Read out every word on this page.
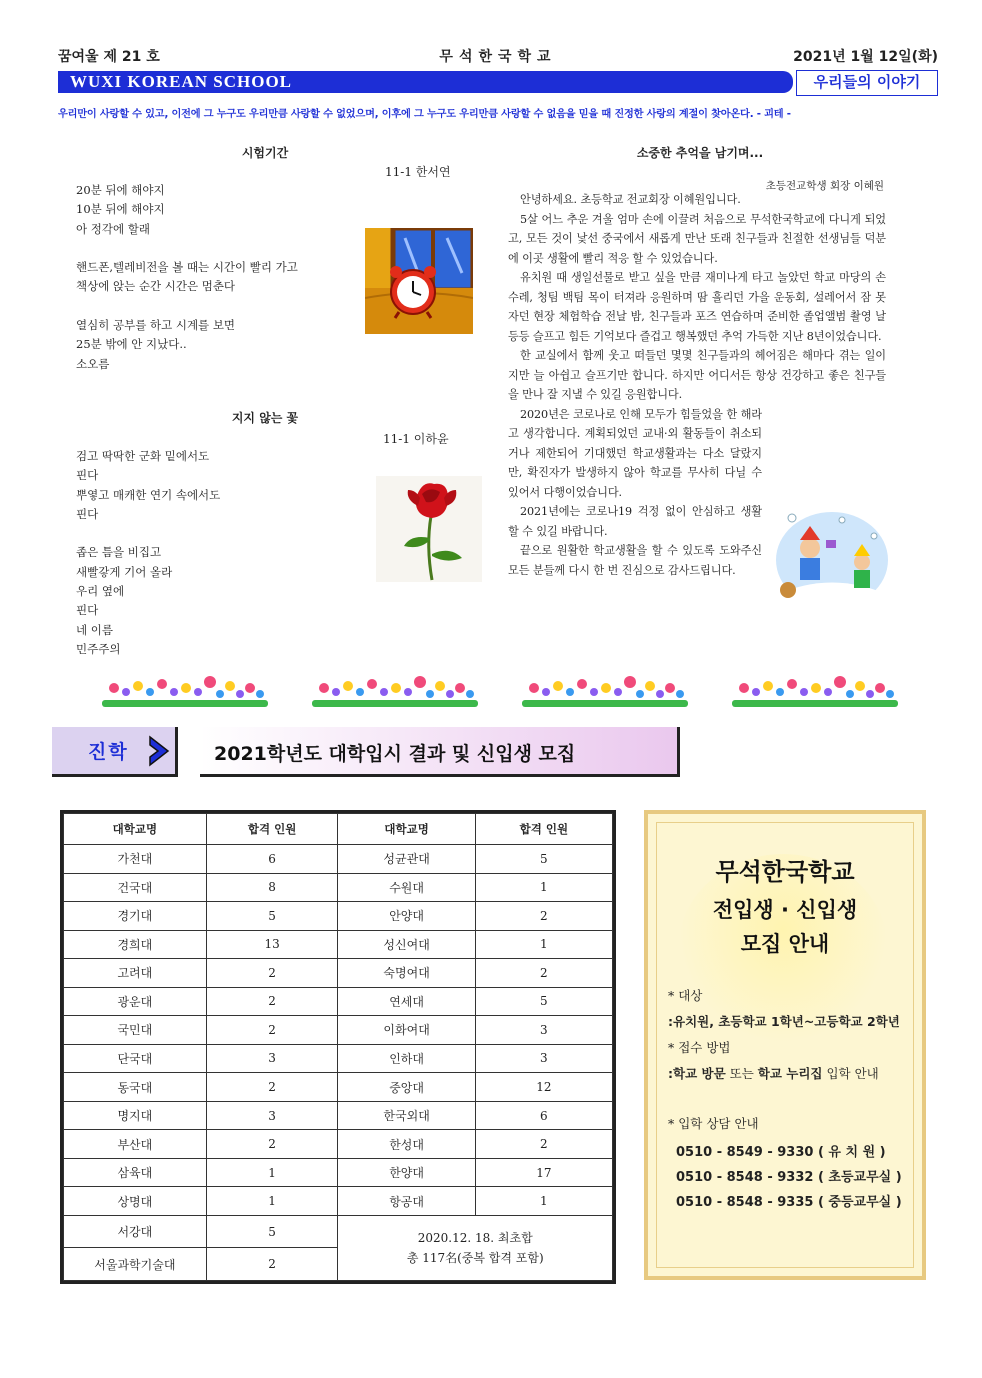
꿈여울 제 21 호	무석한국학교	2021년 1월 12일(화)
WUXI KOREAN SCHOOL	우리들의 이야기
우리만이 사랑할 수 있고, 이전에 그 누구도 우리만큼 사랑할 수 없었으며, 이후에 그 누구도 우리만큼 사랑할 수 없음을 믿을 때 진정한 사랑의 계절이 찾아온다. - 괴테 -
시험기간
11-1 한서연
20분 뒤에 해야지
10분 뒤에 해야지
아 정각에 할래
핸드폰,텔레비전을 볼 때는 시간이 빨리 가고
책상에 앉는 순간 시간은 멈춘다
열심히 공부를 하고 시계를 보면
25분 밖에 안 지났다..
소오름
지지 않는 꽃
11-1 이하윤
검고 딱딱한 군화 밑에서도
핀다
뿌옇고 매캐한 연기 속에서도
핀다
좁은 틈을 비집고
새빨갛게 기어 올라
우리 옆에
핀다
네 이름
민주주의
소중한 추억을 남기며...
초등전교학생 회장 이혜원

안녕하세요. 초등학교 전교회장 이혜원입니다.

5살 어느 추운 겨울 엄마 손에 이끌려 처음으로 무석한국학교에 다니게 되었고, 모든 것이 낯선 중국에서 새롭게 만난 또래 친구들과 친절한 선생님들 덕분에 이곳 생활에 빨리 적응 할 수 있었습니다.

유치원 때 생일선물로 받고 싶을 만큼 재미나게 타고 놀았던 학교 마당의 손수레, 청팀 백팀 목이 터져라 응원하며 땀 흘리던 가을 운동회, 설레어서 잠 못 자던 현장 체험학습 전날 밤, 친구들과 포즈 연습하며 준비한 졸업앨범 촬영 날 등등 슬프고 힘든 기억보다 즐겁고 행복했던 추억 가득한 지난 8년이었습니다.

한 교실에서 함께 웃고 떠들던 몇몇 친구들과의 헤어짐은 해마다 겪는 일이지만 늘 아쉽고 슬프기만 합니다. 하지만 어디서든 항상 건강하고 좋은 친구들을 만나 잘 지낼 수 있길 응원합니다.

2020년은 코로나로 인해 모두가 힘들었을 한 해라고 생각합니다. 계획되었던 교내·외 활동들이 취소되거나 제한되어 기대했던 학교생활과는 다소 달랐지만, 확진자가 발생하지 않아 학교를 무사히 다닐 수 있어서 다행이었습니다.

2021년에는 코로나19 걱정 없이 안심하고 생활 할 수 있길 바랍니다.

끝으로 원활한 학교생활을 할 수 있도록 도와주신 모든 분들께 다시 한 번 진심으로 감사드립니다.

진학	2021학년도 대학입시 결과 및 신입생 모집
대학교명	합격 인원	대학교명	합격 인원
가천대	6	성균관대	5
건국대	8	수원대	1
경기대	5	안양대	2
경희대	13	성신여대	1
고려대	2	숙명여대	2
광운대	2	연세대	5
국민대	2	이화여대	3
단국대	3	인하대	3
동국대	2	중앙대	12
명지대	3	한국외대	6
부산대	2	한성대	2
삼육대	1	한양대	17
상명대	1	항공대	1
서강대	5	2020.12. 18. 최초합
총 117名(중복 합격 포함)	

서울과학기술대	2		
무석한국학교
전입생 · 신입생
모집 안내
* 대상
:유치원, 초등학교 1학년~고등학교 2학년
* 접수 방법
:학교 방문 또는 학교 누리집 입학 안내
* 입학 상담 안내
0510 - 8549 - 9330 ( 유 치 원 )
0510 - 8548 - 9332 ( 초등교무실 )
0510 - 8548 - 9335 ( 중등교무실 )
